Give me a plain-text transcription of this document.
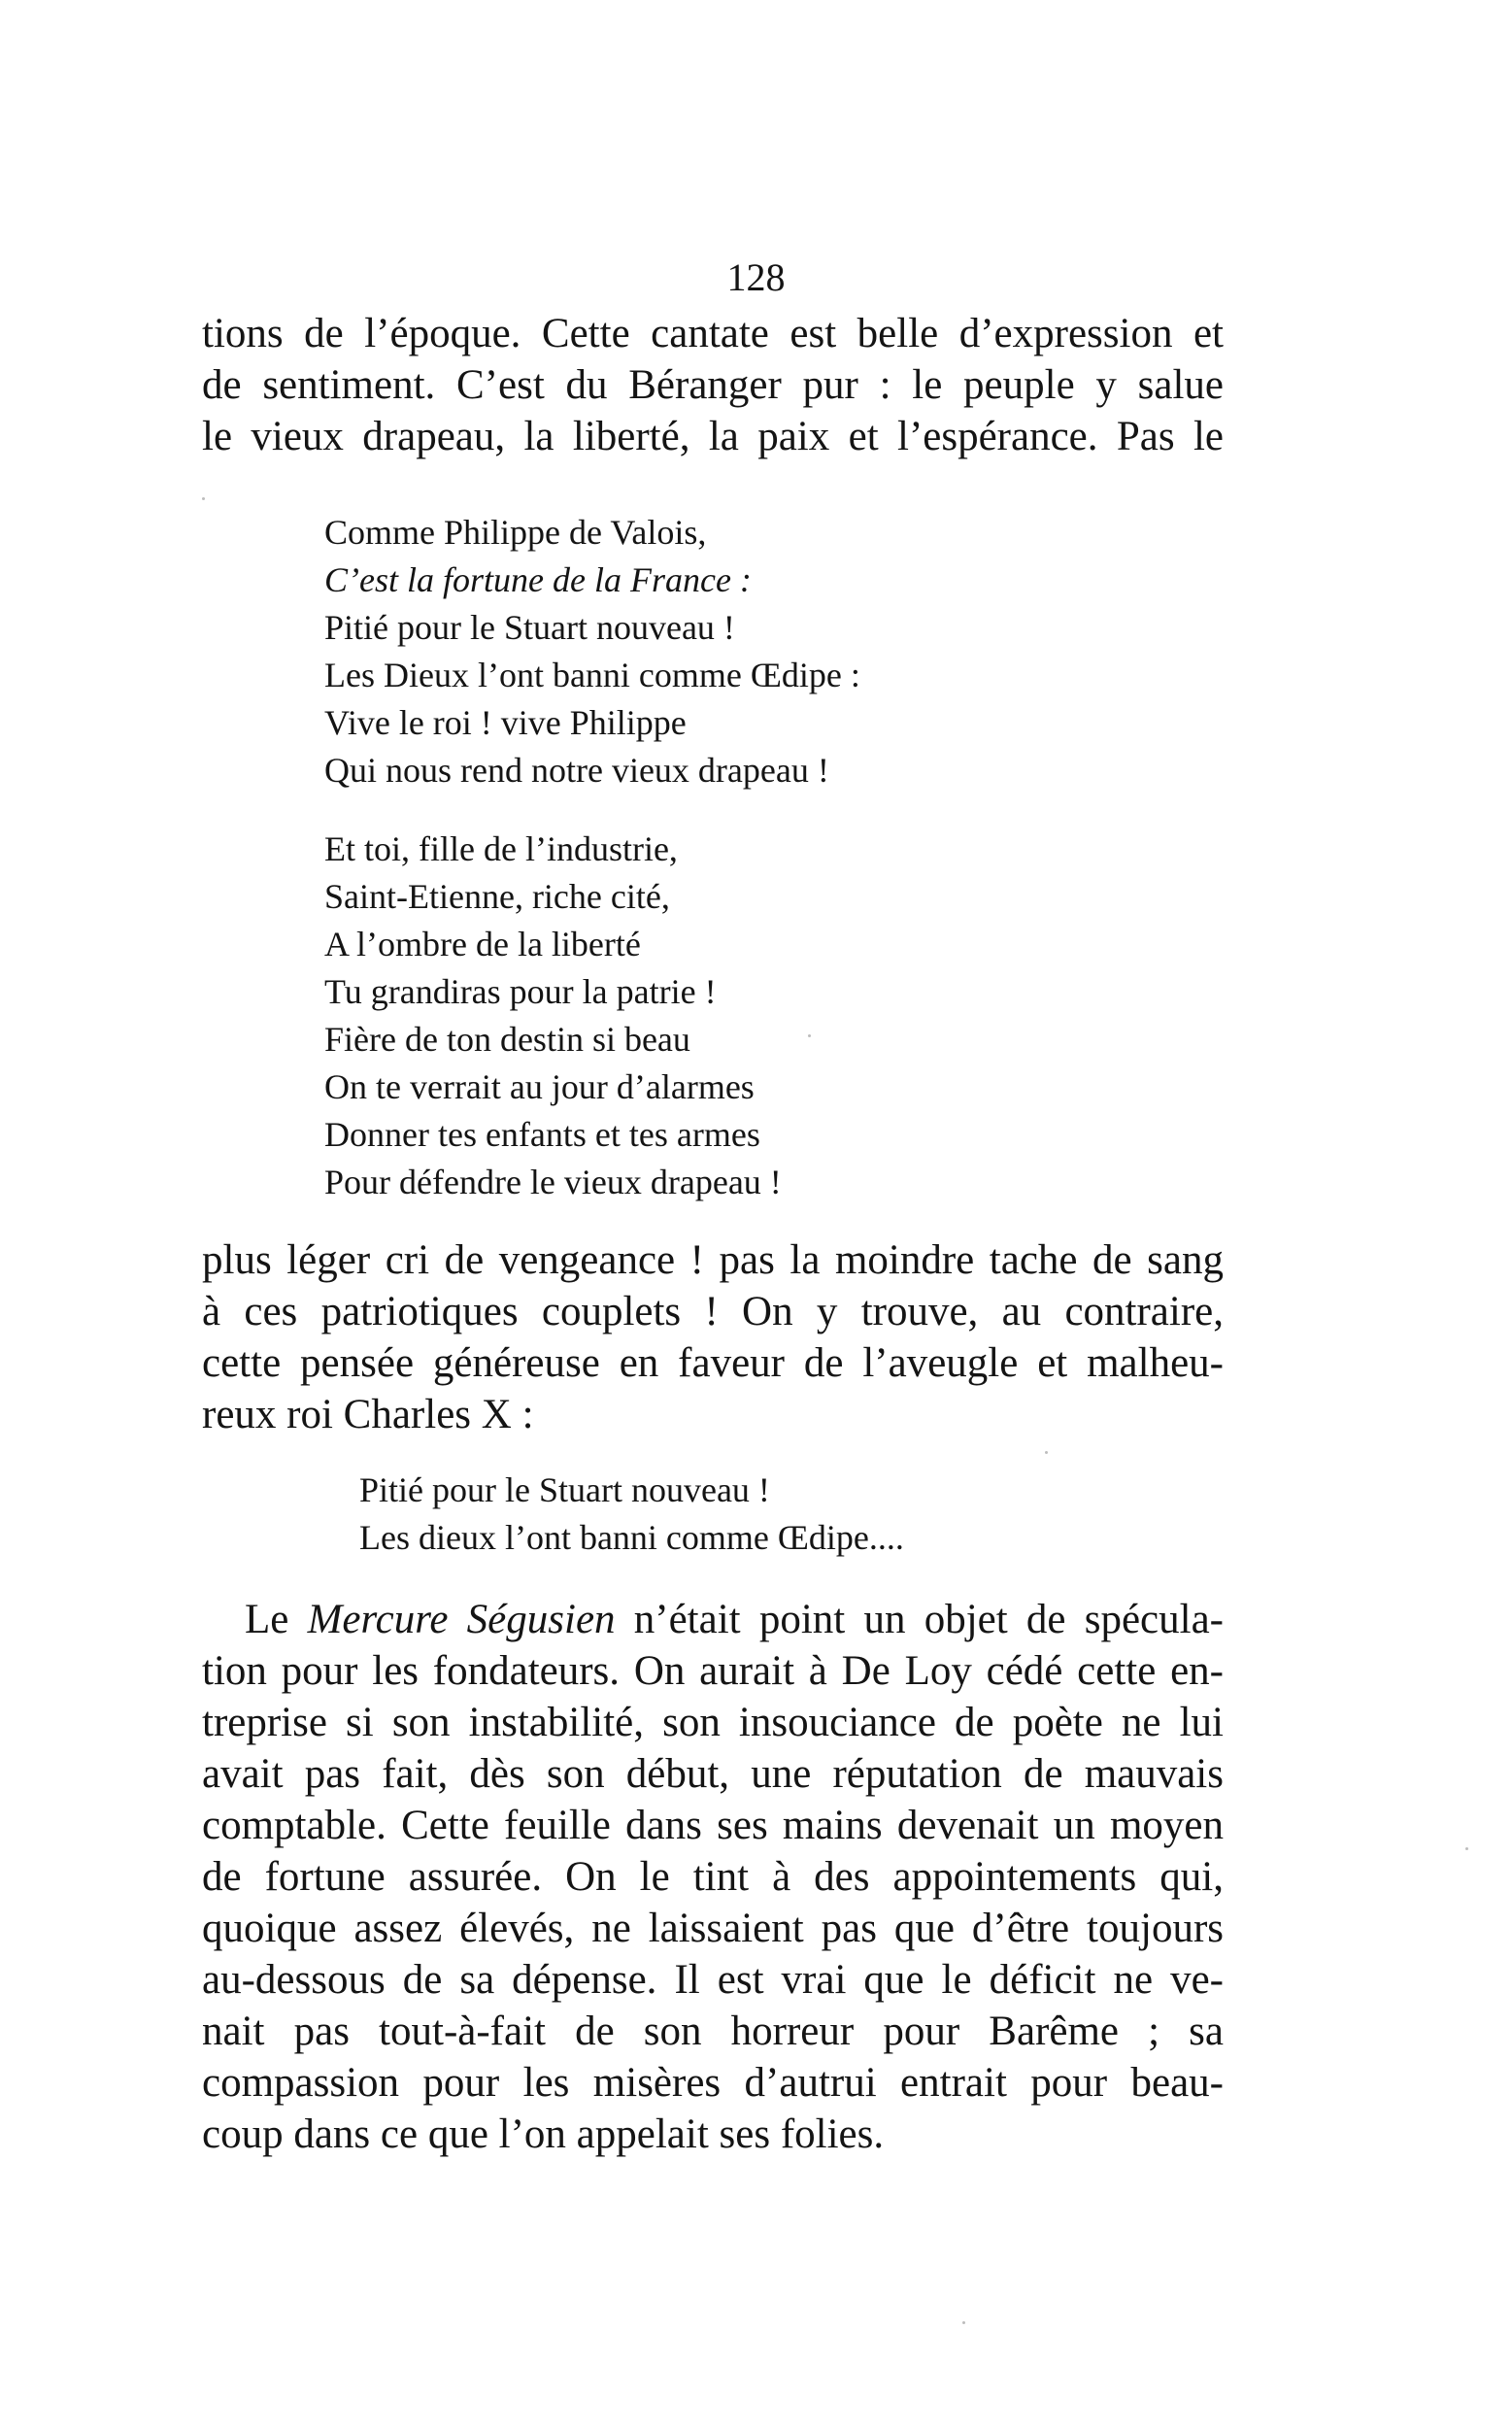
128
tions de l’époque. Cette cantate est belle d’expression et
de sentiment. C’est du Béranger pur : le peuple y salue
le vieux drapeau, la liberté, la paix et l’espérance. Pas le
Comme Philippe de Valois,
C’est la fortune de la France :
Pitié pour le Stuart nouveau !
Les Dieux l’ont banni comme Œdipe :
Vive le roi ! vive Philippe
Qui nous rend notre vieux drapeau !
Et toi, fille de l’industrie,
Saint-Etienne, riche cité,
A l’ombre de la liberté
Tu grandiras pour la patrie !
Fière de ton destin si beau
On te verrait au jour d’alarmes
Donner tes enfants et tes armes
Pour défendre le vieux drapeau !
plus léger cri de vengeance ! pas la moindre tache de sang
à ces patriotiques couplets ! On y trouve, au contraire,
cette pensée généreuse en faveur de l’aveugle et malheu-
reux roi Charles X :
Pitié pour le Stuart nouveau !
Les dieux l’ont banni comme Œdipe....
Le Mercure Ségusien n’était point un objet de spécula-
tion pour les fondateurs. On aurait à De Loy cédé cette en-
treprise si son instabilité, son insouciance de poète ne lui
avait pas fait, dès son début, une réputation de mauvais
comptable. Cette feuille dans ses mains devenait un moyen
de fortune assurée. On le tint à des appointements qui,
quoique assez élevés, ne laissaient pas que d’être toujours
au-dessous de sa dépense. Il est vrai que le déficit ne ve-
nait pas tout-à-fait de son horreur pour Barême ; sa
compassion pour les misères d’autrui entrait pour beau-
coup dans ce que l’on appelait ses folies.
